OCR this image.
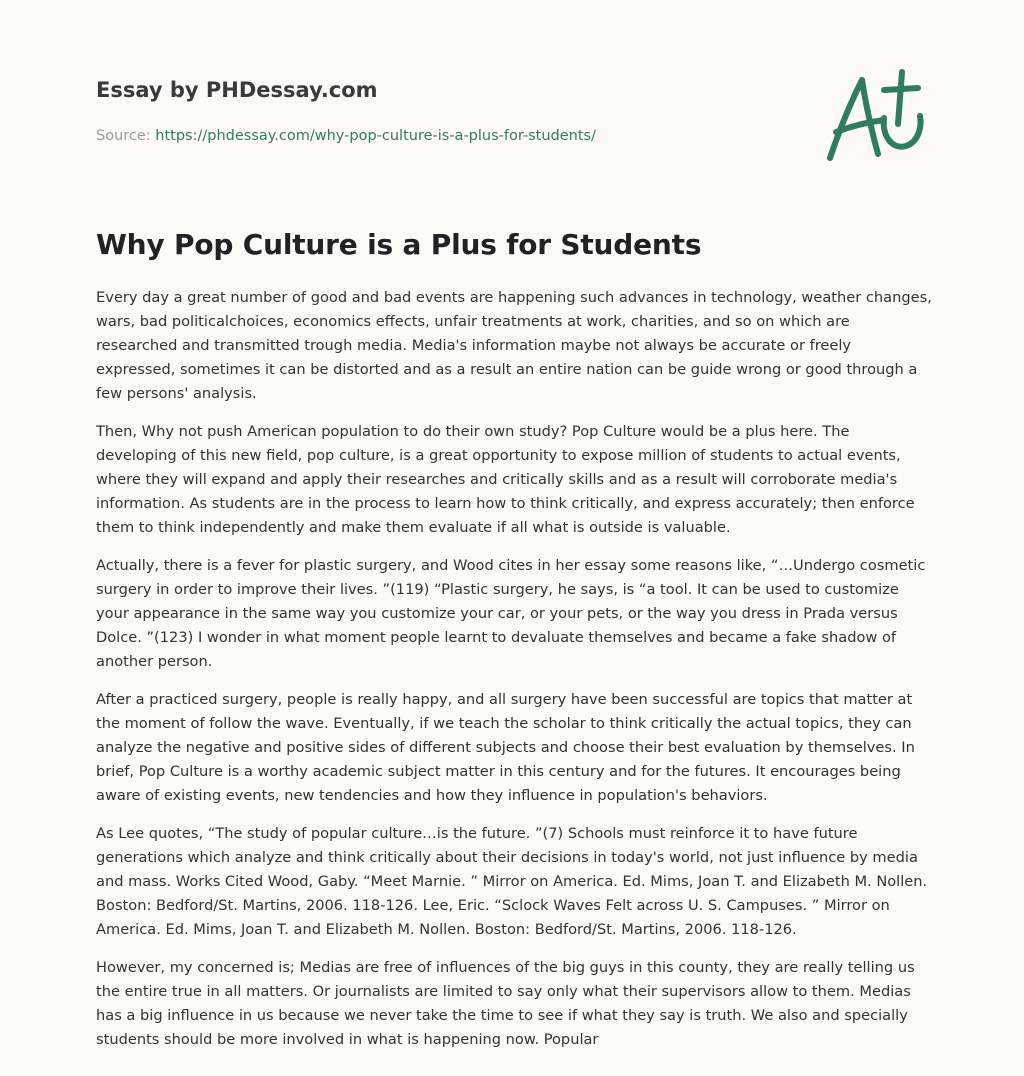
Essay by PHDessay.com
Source: https://phdessay.com/why-pop-culture-is-a-plus-for-students/
Why Pop Culture is a Plus for Students

Every day a great number of good and bad events are happening such advances in technology, weather changes, wars, bad politicalchoices, economics effects, unfair treatments at work, charities, and so on which are researched and transmitted trough media. Media's information maybe not always be accurate or freely expressed, sometimes it can be distorted and as a result an entire nation can be guide wrong or good through a few persons' analysis.

Then, Why not push American population to do their own study? Pop Culture would be a plus here. The developing of this new field, pop culture, is a great opportunity to expose million of students to actual events, where they will expand and apply their researches and critically skills and as a result will corroborate media's information. As students are in the process to learn how to think critically, and express accurately; then enforce them to think independently and make them evaluate if all what is outside is valuable.

Actually, there is a fever for plastic surgery, and Wood cites in her essay some reasons like, “…Undergo cosmetic surgery in order to improve their lives. ”(119) “Plastic surgery, he says, is “a tool. It can be used to customize your appearance in the same way you customize your car, or your pets, or the way you dress in Prada versus Dolce. ”(123) I wonder in what moment people learnt to devaluate themselves and became a fake shadow of another person.

After a practiced surgery, people is really happy, and all surgery have been successful are topics that matter at the moment of follow the wave. Eventually, if we teach the scholar to think critically the actual topics, they can analyze the negative and positive sides of different subjects and choose their best evaluation by themselves. In brief, Pop Culture is a worthy academic subject matter in this century and for the futures. It encourages being aware of existing events, new tendencies and how they influence in population's behaviors.

As Lee quotes, “The study of popular culture…is the future. ”(7) Schools must reinforce it to have future generations which analyze and think critically about their decisions in today's world, not just influence by media and mass. Works Cited Wood, Gaby. “Meet Marnie. ” Mirror on America. Ed. Mims, Joan T. and Elizabeth M. Nollen. Boston: Bedford/St. Martins, 2006. 118-126. Lee, Eric. “Sclock Waves Felt across U. S. Campuses. ” Mirror on America. Ed. Mims, Joan T. and Elizabeth M. Nollen. Boston: Bedford/St. Martins, 2006. 118-126.

However, my concerned is; Medias are free of influences of the big guys in this county, they are really telling us the entire true in all matters. Or journalists are limited to say only what their supervisors allow to them. Medias has a big influence in us because we never take the time to see if what they say is truth. We also and specially students should be more involved in what is happening now. Popular
